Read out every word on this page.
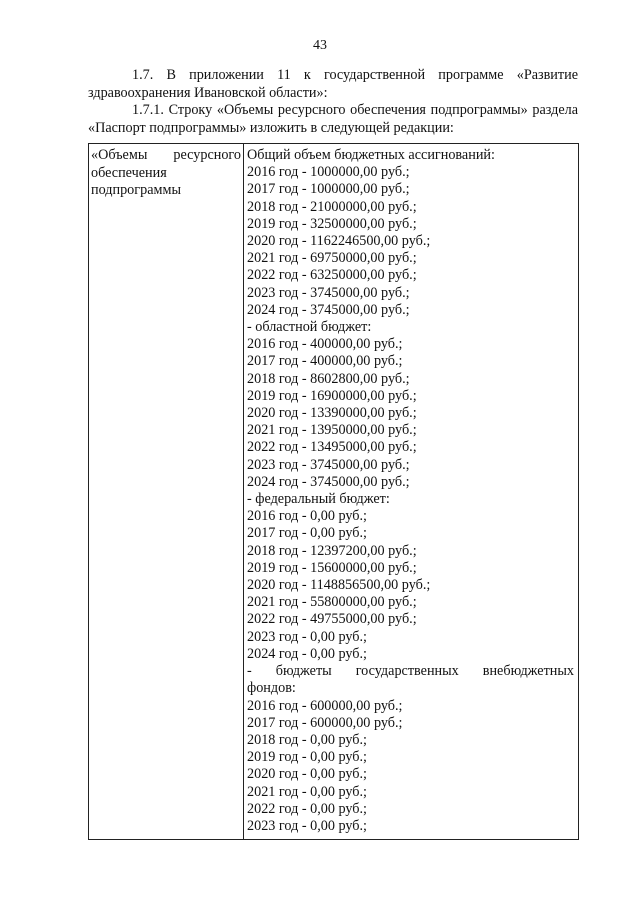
43

1.7. В приложении 11 к государственной программе «Развитие здравоохранения Ивановской области»:

1.7.1. Строку «Объемы ресурсного обеспечения подпрограммы» раздела «Паспорт подпрограммы» изложить в следующей редакции:

«Объемы ресурсного
обеспечения
подпрограммы
Общий объем бюджетных ассигнований:
2016 год - 1000000,00 руб.;
2017 год - 1000000,00 руб.;
2018 год - 21000000,00 руб.;
2019 год - 32500000,00 руб.;
2020 год - 1162246500,00 руб.;
2021 год - 69750000,00 руб.;
2022 год - 63250000,00 руб.;
2023 год - 3745000,00 руб.;
2024 год - 3745000,00 руб.;
- областной бюджет:
2016 год - 400000,00 руб.;
2017 год - 400000,00 руб.;
2018 год - 8602800,00 руб.;
2019 год - 16900000,00 руб.;
2020 год - 13390000,00 руб.;
2021 год - 13950000,00 руб.;
2022 год - 13495000,00 руб.;
2023 год - 3745000,00 руб.;
2024 год - 3745000,00 руб.;
- федеральный бюджет:
2016 год - 0,00 руб.;
2017 год - 0,00 руб.;
2018 год - 12397200,00 руб.;
2019 год - 15600000,00 руб.;
2020 год - 1148856500,00 руб.;
2021 год - 55800000,00 руб.;
2022 год - 49755000,00 руб.;
2023 год - 0,00 руб.;
2024 год - 0,00 руб.;
- бюджеты государственных внебюджетных
фондов:
2016 год - 600000,00 руб.;
2017 год - 600000,00 руб.;
2018 год - 0,00 руб.;
2019 год - 0,00 руб.;
2020 год - 0,00 руб.;
2021 год - 0,00 руб.;
2022 год - 0,00 руб.;
2023 год - 0,00 руб.;
